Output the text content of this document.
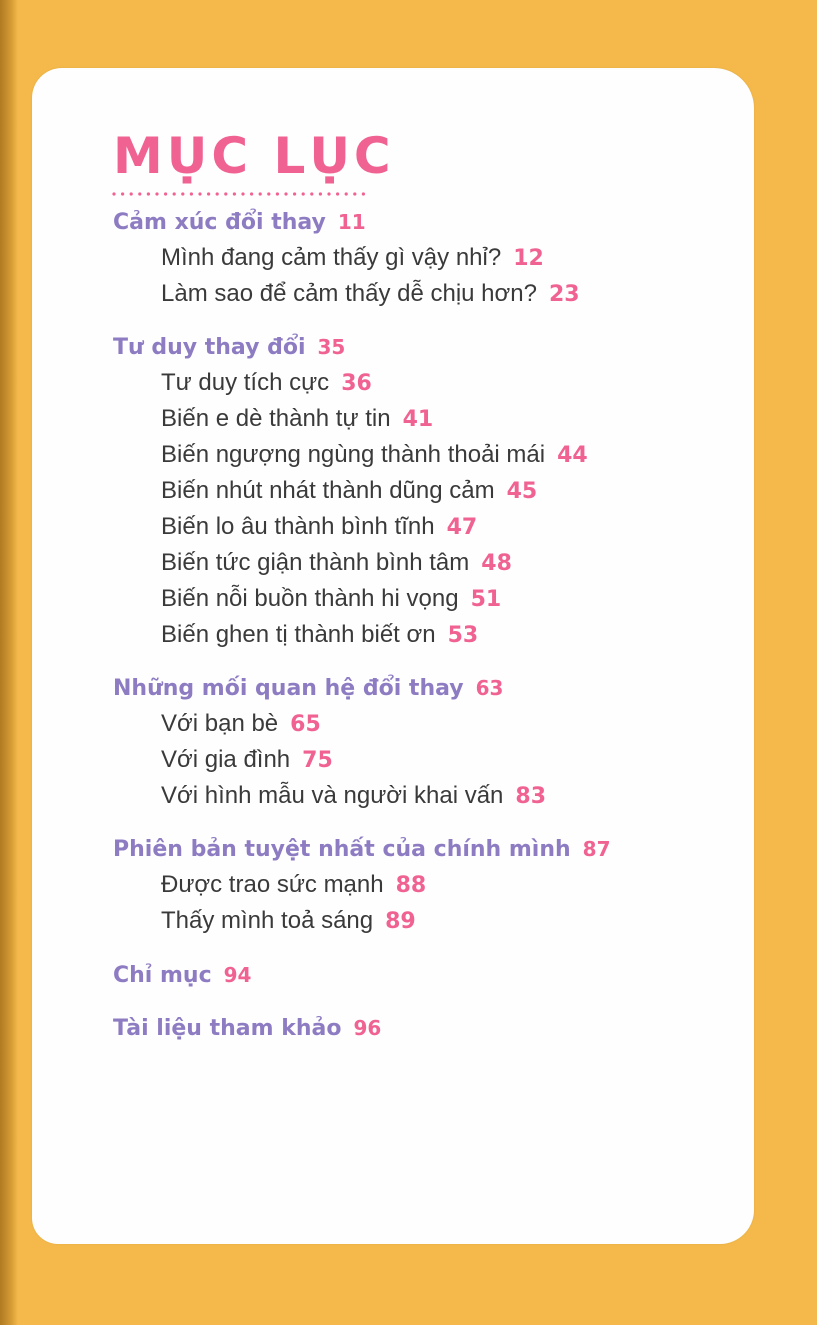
MỤC LỤC
Cảm xúc đổi thay 11
Mình đang cảm thấy gì vậy nhỉ? 12
Làm sao để cảm thấy dễ chịu hơn? 23
Tư duy thay đổi 35
Tư duy tích cực 36
Biến e dè thành tự tin 41
Biến ngượng ngùng thành thoải mái 44
Biến nhút nhát thành dũng cảm 45
Biến lo âu thành bình tĩnh 47
Biến tức giận thành bình tâm 48
Biến nỗi buồn thành hi vọng 51
Biến ghen tị thành biết ơn 53
Những mối quan hệ đổi thay 63
Với bạn bè 65
Với gia đình 75
Với hình mẫu và người khai vấn 83
Phiên bản tuyệt nhất của chính mình 87
Được trao sức mạnh 88
Thấy mình toả sáng 89
Chỉ mục 94
Tài liệu tham khảo 96
